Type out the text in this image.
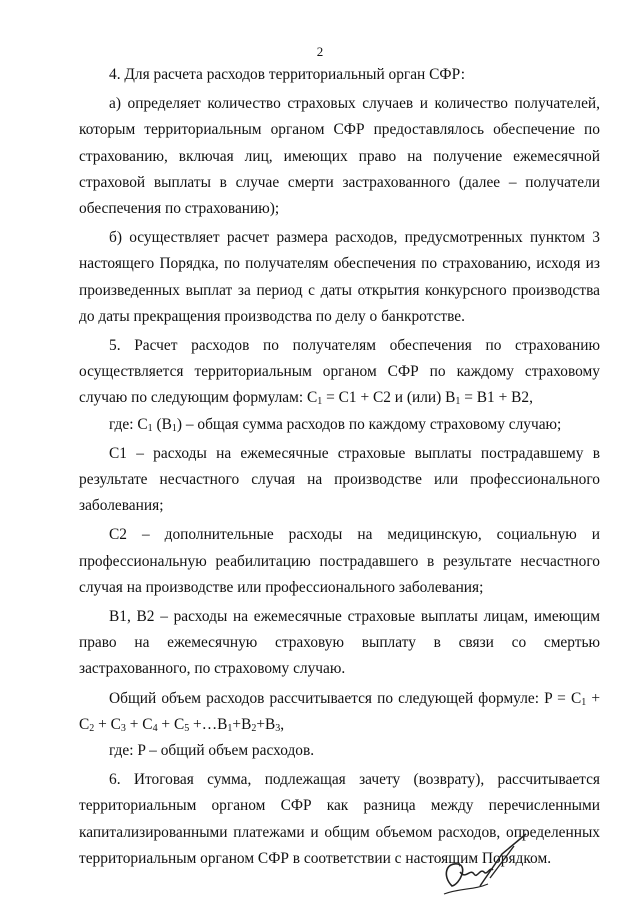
2

4. Для расчета расходов территориальный орган СФР:

а) определяет количество страховых случаев и количество получателей, которым территориальным органом СФР предоставлялось обеспечение по страхованию, включая лиц, имеющих право на получение ежемесячной страховой выплаты в случае смерти застрахованного (далее – получатели обеспечения по страхованию);

б) осуществляет расчет размера расходов, предусмотренных пунктом 3 настоящего Порядка, по получателям обеспечения по страхованию, исходя из произведенных выплат за период с даты открытия конкурсного производства до даты прекращения производства по делу о банкротстве.

5. Расчет расходов по получателям обеспечения по страхованию осуществляется территориальным органом СФР по каждому страховому случаю по следующим формулам: $C_1 = C1 + C2$ и (или) $B_1 = B1 + B2$,

где: $C_1$ $(B_1)$ – общая сумма расходов по каждому страховому случаю;

C1 – расходы на ежемесячные страховые выплаты пострадавшему в результате несчастного случая на производстве или профессионального заболевания;

C2 – дополнительные расходы на медицинскую, социальную и профессиональную реабилитацию пострадавшего в результате несчастного случая на производстве или профессионального заболевания;

B1, B2 – расходы на ежемесячные страховые выплаты лицам, имеющим право на ежемесячную страховую выплату в связи со смертью застрахованного, по страховому случаю.

Общий объем расходов рассчитывается по следующей формуле: $P = C_1 + C_2 + C_3 + C_4 + C_5$ $+\dots B_1+B_2+B_3$,

где: P – общий объем расходов.

6. Итоговая сумма, подлежащая зачету (возврату), рассчитывается территориальным органом СФР как разница между перечисленными капитализированными платежами и общим объемом расходов, определенных территориальным органом СФР в соответствии с настоящим Порядком.
